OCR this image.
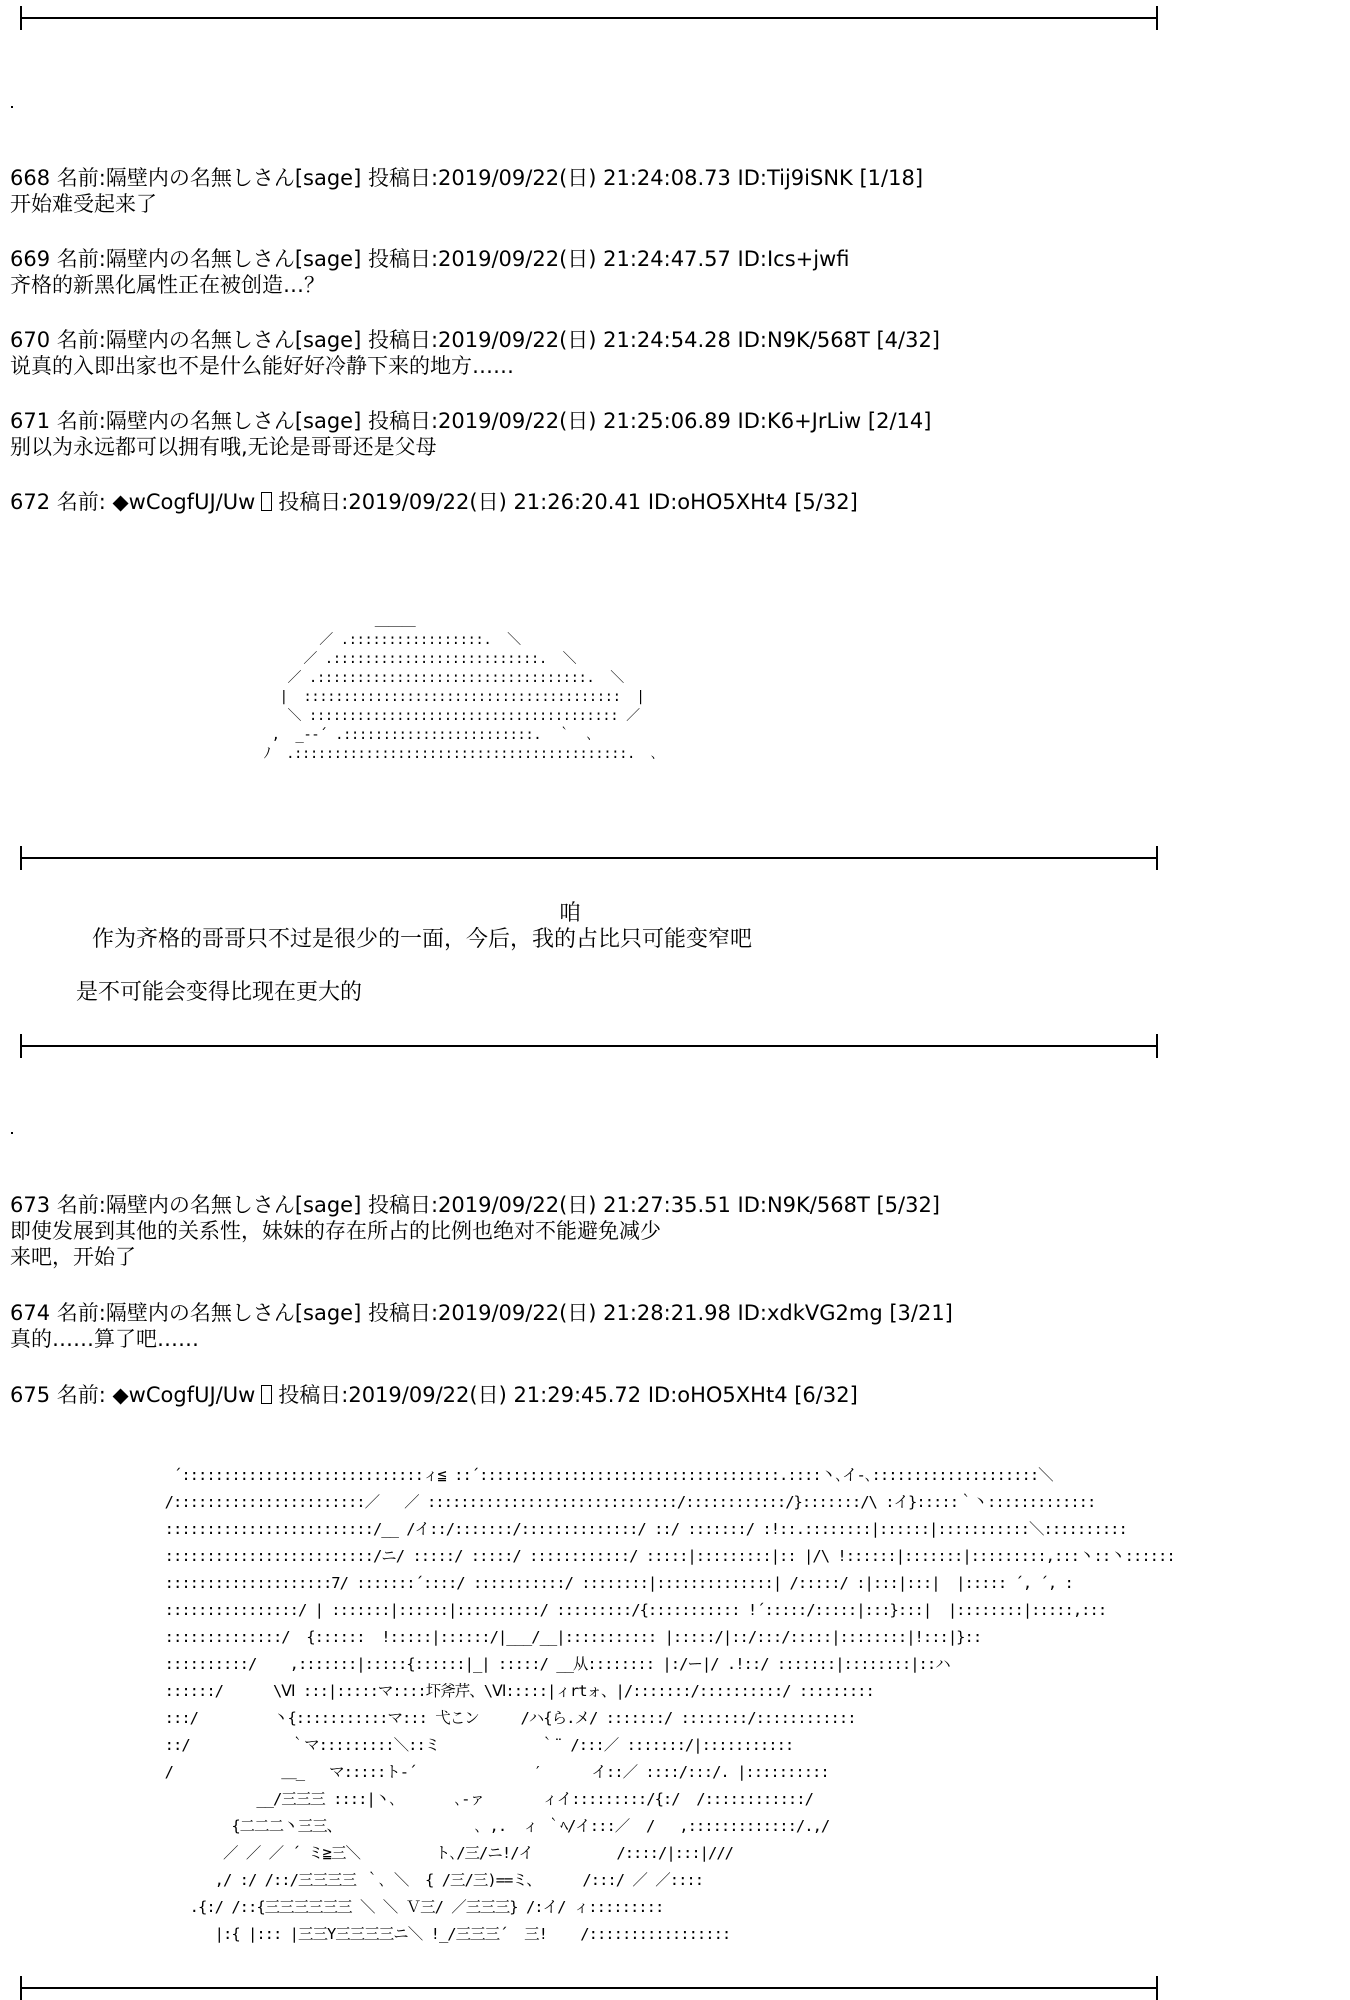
668 名前:隔壁内の名無しさん[sage] 投稿日:2019/09/22(日) 21:24:08.73 ID:Tij9iSNK [1/18]
开始难受起来了

669 名前:隔壁内の名無しさん[sage] 投稿日:2019/09/22(日) 21:24:47.57 ID:Ics+jwfi
齐格的新黑化属性正在被创造…？

670 名前:隔壁内の名無しさん[sage] 投稿日:2019/09/22(日) 21:24:54.28 ID:N9K/568T [4/32]
说真的入即出家也不是什么能好好冷静下来的地方……

671 名前:隔壁内の名無しさん[sage] 投稿日:2019/09/22(日) 21:25:06.89 ID:K6+JrLiw [2/14]
别以为永远都可以拥有哦,无论是哥哥还是父母

672 名前: ◆wCogfUJ/Uw 投稿日:2019/09/22(日) 21:26:20.41 ID:oHO5XHt4 [5/32]

＿＿＿
／ .:::::::::::::::::.  ＼
／ .::::::::::::::::::::::::::.  ＼
／ .::::::::::::::::::::::::::::::::::.  ＼
|  ::::::::::::::::::::::::::::::::::::::::  |
＼ ::::::::::::::::::::::::::::::::::::::: ／
,  _--´ .::::::::::::::::::::::::.  ｀  ､
ﾉ  .::::::::::::::::::::::::::::::::::::::::::.  ､
咱
作为齐格的哥哥只不过是很少的一面，今后，我的占比只可能变窄吧
是不可能会变得比现在更大的

673 名前:隔壁内の名無しさん[sage] 投稿日:2019/09/22(日) 21:27:35.51 ID:N9K/568T [5/32]
即使发展到其他的关系性，妹妹的存在所占的比例也绝对不能避免减少
来吧，开始了

674 名前:隔壁内の名無しさん[sage] 投稿日:2019/09/22(日) 21:28:21.98 ID:xdkVG2mg [3/21]
真的……算了吧……

675 名前: ◆wCogfUJ/Uw 投稿日:2019/09/22(日) 21:29:45.72 ID:oHO5XHt4 [6/32]

´:::::::::::::::::::::::::::::ィ≦ ::´::::::::::::::::::::::::::::::::::::.::::丶､イ-､::::::::::::::::::::＼
/:::::::::::::::::::::::／   ／ ::::::::::::::::::::::::::::::/::::::::::::/}:::::::/\ :イ}:::::｀丶:::::::::::::
:::::::::::::::::::::::::/__ /イ::/:::::::/::::::::::::::/ ::/ :::::::/ :!::.::::::::|::::::|:::::::::::＼::::::::::
:::::::::::::::::::::::::/ニ/ :::::/ :::::/ ::::::::::::/ :::::|:::::::::|:: |/\ !::::::|:::::::|:::::::::,:::丶::丶::::::
::::::::::::::::::::7/ :::::::´::::/ :::::::::::/ ::::::::|::::::::::::::| /:::::/ :|:::|:::|  |::::: ´, ´, :
::::::::::::::::/ | :::::::|::::::|::::::::::/ :::::::::/{::::::::::: !´:::::/:::::|:::}:::|  |::::::::|:::::,:::
::::::::::::::/  {::::::  !:::::|::::::/|___/__|::::::::::: |:::::/|::/:::/:::::|::::::::|!:::|}::
::::::::::/    ,:::::::|:::::{::::::|_| :::::/ __从:::::::: |:/ー|/ .!::/ :::::::|::::::::|::ハ
::::::/      \Ⅵ :::|:::::マ::::圷斧芹、\Ⅵ:::::|ィrtォ、|/:::::::/::::::::::/ :::::::::
:::/         丶{:::::::::::マ::: 弋こン     /ハ{ら.メ/ :::::::/ ::::::::/::::::::::::
::/            ｀マ:::::::::＼::ミ            ｀¨ /:::／ :::::::/|:::::::::::
/             ＿_   マ:::::ト-´              ′      イ::／ ::::/:::/. |::::::::::
__/三三三 ::::|丶､       ､-ァ       ィイ:::::::::/{:/  /::::::::::::/
{二二二丶三三、                ､ ,.  ィ ｀ﾍ/イ:::／  /   ,:::::::::::::/.,/
／ ／ ／ ´ ミ≧三＼         ト､/三/ニ!/イ          /::::/|:::|///
,/ :/ /::/三三三三 ｀､ ＼  { /三/三)==ミ、     /:::/ ／ ／::::
.{:/ /::{三三三三三三 ＼ ＼ Ｖ三/ ／三三三} /:イ/ ィ:::::::::
|:{ |::: |三三Y三三三三ニ＼ !_/三三三´  三!    /:::::::::::::::::
